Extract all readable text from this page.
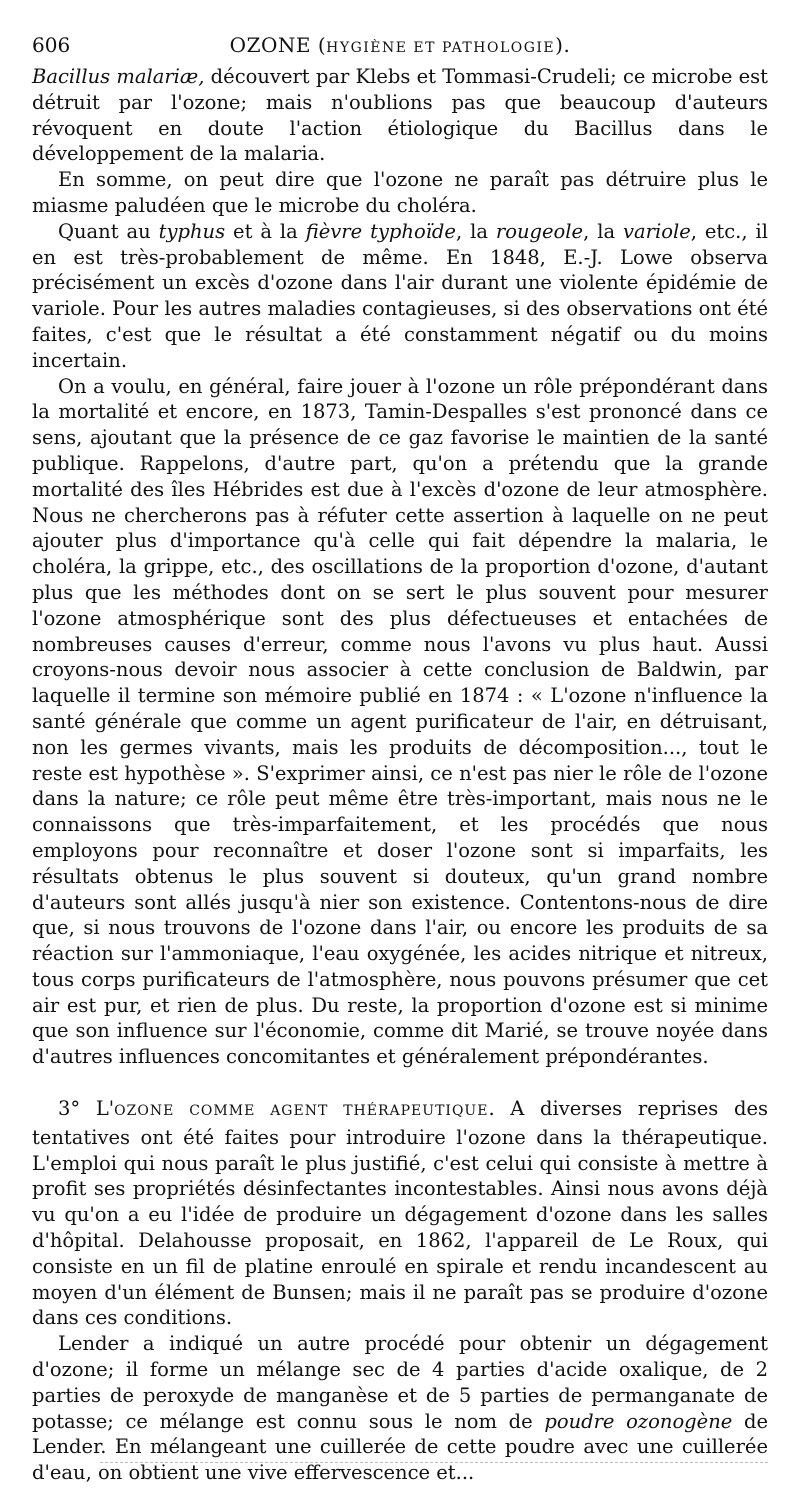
606	OZONE (HYGIÈNE ET PATHOLOGIE).

Bacillus malariæ, découvert par Klebs et Tommasi-Crudeli; ce microbe est détruit par l'ozone; mais n'oublions pas que beaucoup d'auteurs révoquent en doute l'action étiologique du Bacillus dans le développement de la malaria.

En somme, on peut dire que l'ozone ne paraît pas détruire plus le miasme paludéen que le microbe du choléra.

Quant au typhus et à la fièvre typhoïde, la rougeole, la variole, etc., il en est très-probablement de même. En 1848, E.-J. Lowe observa précisément un excès d'ozone dans l'air durant une violente épidémie de variole. Pour les autres maladies contagieuses, si des observations ont été faites, c'est que le résultat a été constamment négatif ou du moins incertain.

On a voulu, en général, faire jouer à l'ozone un rôle prépondérant dans la mortalité et encore, en 1873, Tamin-Despalles s'est prononcé dans ce sens, ajoutant que la présence de ce gaz favorise le maintien de la santé publique. Rappelons, d'autre part, qu'on a prétendu que la grande mortalité des îles Hébrides est due à l'excès d'ozone de leur atmosphère. Nous ne chercherons pas à réfuter cette assertion à laquelle on ne peut ajouter plus d'importance qu'à celle qui fait dépendre la malaria, le choléra, la grippe, etc., des oscillations de la proportion d'ozone, d'autant plus que les méthodes dont on se sert le plus souvent pour mesurer l'ozone atmosphérique sont des plus défectueuses et entachées de nombreuses causes d'erreur, comme nous l'avons vu plus haut. Aussi croyons-nous devoir nous associer à cette conclusion de Baldwin, par laquelle il termine son mémoire publié en 1874 : « L'ozone n'influence la santé générale que comme un agent purificateur de l'air, en détruisant, non les germes vivants, mais les produits de décomposition..., tout le reste est hypothèse ». S'exprimer ainsi, ce n'est pas nier le rôle de l'ozone dans la nature; ce rôle peut même être très-important, mais nous ne le connaissons que très-imparfaitement, et les procédés que nous employons pour reconnaître et doser l'ozone sont si imparfaits, les résultats obtenus le plus souvent si douteux, qu'un grand nombre d'auteurs sont allés jusqu'à nier son existence. Contentons-nous de dire que, si nous trouvons de l'ozone dans l'air, ou encore les produits de sa réaction sur l'ammoniaque, l'eau oxygénée, les acides nitrique et nitreux, tous corps purificateurs de l'atmosphère, nous pouvons présumer que cet air est pur, et rien de plus. Du reste, la proportion d'ozone est si minime que son influence sur l'économie, comme dit Marié, se trouve noyée dans d'autres influences concomitantes et généralement prépondérantes.

3° L'OZONE COMME AGENT THÉRAPEUTIQUE. A diverses reprises des tentatives ont été faites pour introduire l'ozone dans la thérapeutique. L'emploi qui nous paraît le plus justifié, c'est celui qui consiste à mettre à profit ses propriétés désinfectantes incontestables. Ainsi nous avons déjà vu qu'on a eu l'idée de produire un dégagement d'ozone dans les salles d'hôpital. Delahousse proposait, en 1862, l'appareil de Le Roux, qui consiste en un fil de platine enroulé en spirale et rendu incandescent au moyen d'un élément de Bunsen; mais il ne paraît pas se produire d'ozone dans ces conditions.

Lender a indiqué un autre procédé pour obtenir un dégagement d'ozone; il forme un mélange sec de 4 parties d'acide oxalique, de 2 parties de peroxyde de manganèse et de 5 parties de permanganate de potasse; ce mélange est connu sous le nom de poudre ozonogène de Lender. En mélangeant une cuillerée de cette poudre avec une cuillerée d'eau, on obtient une vive effervescence et...
